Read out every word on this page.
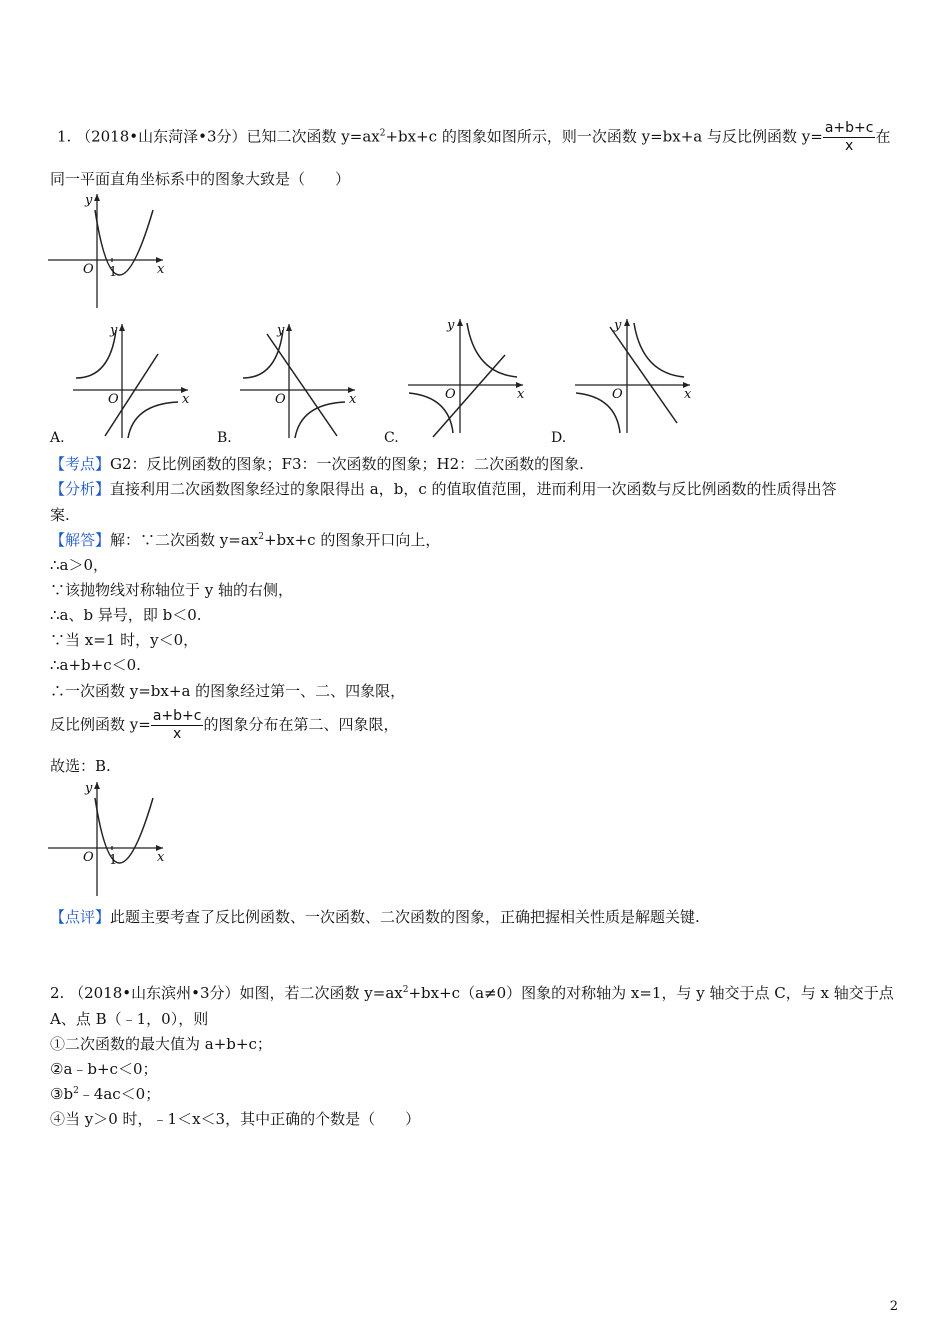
1. （2018•山东菏泽•3分）已知二次函数 $y=ax^2+bx+c$ 的图象如图所示，则一次函数 y=bx+a 与反比例函数 $y= \frac{a+b+c}{x}$ 在
同一平面直角坐标系中的图象大致是（　　）
y
x
O 1
y
x
O
A.
y
x
O
B.
y
x
O
C.
y
x
O
D.
【考点】G2：反比例函数的图象；F3：一次函数的图象；H2：二次函数的图象.
【分析】直接利用二次函数图象经过的象限得出 a，b，c 的值取值范围，进而利用一次函数与反比例函数的性质得出答
案.
【解答】解：∵二次函数 $y=ax^2+bx+c$ 的图象开口向上，
∴a＞0，
∵该抛物线对称轴位于 y 轴的右侧，
∴a、b 异号，即 b＜0.
∵当 x=1 时，y＜0，
∴a+b+c＜0.
∴一次函数 y=bx+a 的图象经过第一、二、四象限，
反比例函数 $y= \frac{a+b+c}{x}$ 的图象分布在第二、四象限，
故选：B.
y
x
O 1
【点评】此题主要考查了反比例函数、一次函数、二次函数的图象，正确把握相关性质是解题关键.
2. （2018•山东滨州•3分）如图，若二次函数 $y=ax^2+bx+c(a\ne 0)$图象的对称轴为 x=1，与 y 轴交于点 C，与 x 轴交于点
A、点 B（﹣1，0），则
①二次函数的最大值为 a+b+c；
②a﹣b+c＜0；
$③b^2﹣4ac<0$；
④当 y＞0 时，﹣1＜x＜3，其中正确的个数是（　　）
2
